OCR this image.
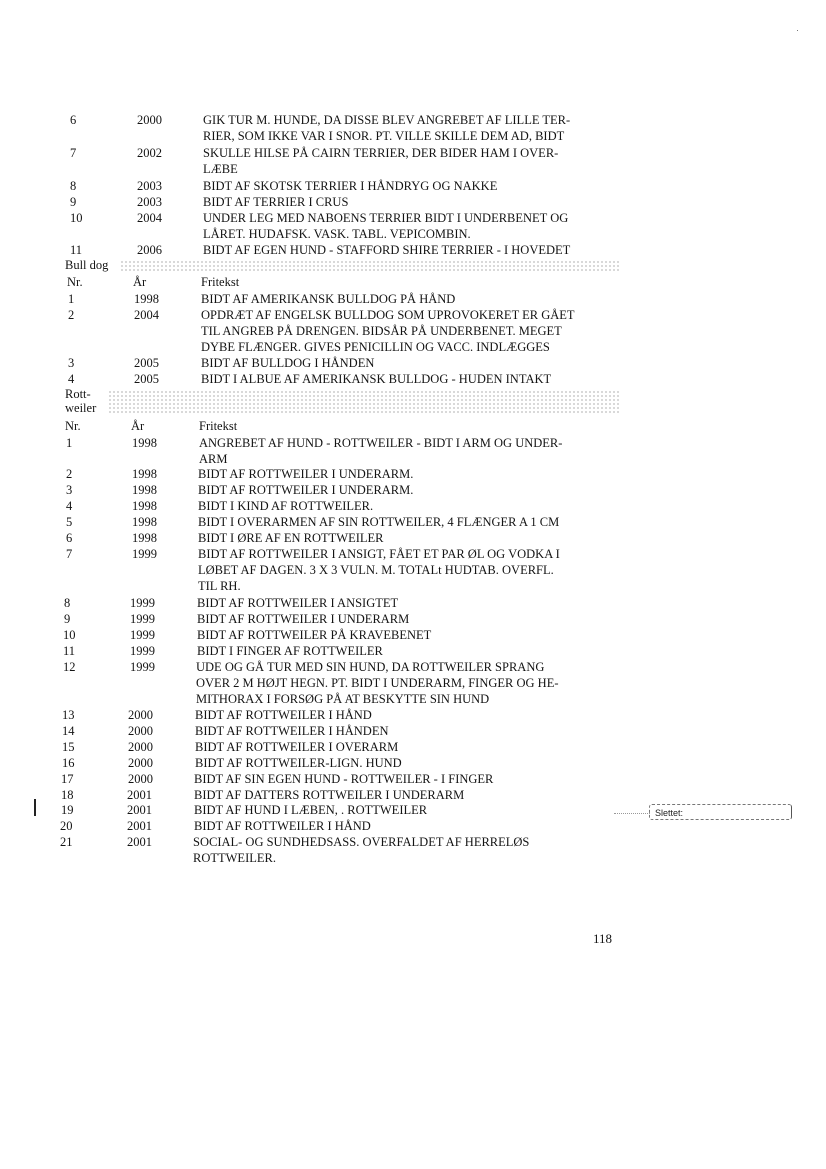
6	2000	GIK TUR M. HUNDE, DA DISSE BLEV ANGREBET AF LILLE TER-
RIER, SOM IKKE VAR I SNOR. PT. VILLE SKILLE DEM AD, BIDT
7	2002	SKULLE HILSE PÅ CAIRN TERRIER, DER BIDER HAM I OVER-
LÆBE
8	2003	BIDT AF SKOTSK TERRIER I HÅNDRYG OG NAKKE
9	2003	BIDT AF TERRIER I CRUS
10	2004	UNDER LEG MED NABOENS TERRIER BIDT I UNDERBENET OG
LÅRET. HUDAFSK. VASK. TABL. VEPICOMBIN.
11	2006	BIDT AF EGEN HUND - STAFFORD SHIRE TERRIER - I HOVEDET
Bull dog
Nr.	År	Fritekst
1	1998	BIDT AF AMERIKANSK BULLDOG PÅ HÅND
2	2004	OPDRÆT AF ENGELSK BULLDOG SOM UPROVOKERET ER GÅET
TIL ANGREB PÅ DRENGEN. BIDSÅR PÅ UNDERBENET. MEGET
DYBE FLÆNGER. GIVES PENICILLIN OG VACC. INDLÆGGES
3	2005	BIDT AF BULLDOG I HÅNDEN
4	2005	BIDT I ALBUE AF AMERIKANSK BULLDOG - HUDEN INTAKT
Rott-
weiler
Nr.	År	Fritekst
1	1998	ANGREBET AF HUND - ROTTWEILER - BIDT I ARM OG UNDER-
ARM
2	1998	BIDT AF ROTTWEILER I UNDERARM.
3	1998	BIDT AF ROTTWEILER I UNDERARM.
4	1998	BIDT I KIND AF ROTTWEILER.
5	1998	BIDT I OVERARMEN AF SIN ROTTWEILER, 4 FLÆNGER A 1 CM
6	1998	BIDT I ØRE AF EN ROTTWEILER
7	1999	BIDT AF ROTTWEILER I ANSIGT, FÅET ET PAR ØL OG VODKA I
LØBET AF DAGEN. 3 X 3 VULN. M. TOTALt HUDTAB. OVERFL.
TIL RH.
8	1999	BIDT AF ROTTWEILER I ANSIGTET
9	1999	BIDT AF ROTTWEILER I UNDERARM
10	1999	BIDT AF ROTTWEILER PÅ KRAVEBENET
11	1999	BIDT I FINGER AF ROTTWEILER
12	1999	UDE OG GÅ TUR MED SIN HUND, DA ROTTWEILER SPRANG
OVER 2 M HØJT HEGN. PT. BIDT I UNDERARM, FINGER OG HE-
MITHORAX I FORSØG PÅ AT BESKYTTE SIN HUND
13	2000	BIDT AF ROTTWEILER I HÅND
14	2000	BIDT AF ROTTWEILER I HÅNDEN
15	2000	BIDT AF ROTTWEILER I OVERARM
16	2000	BIDT AF ROTTWEILER-LIGN. HUND
17	2000	BIDT AF SIN EGEN HUND - ROTTWEILER - I FINGER
18	2001	BIDT AF DATTERS ROTTWEILER I UNDERARM
19	2001	BIDT AF HUND I LÆBEN, . ROTTWEILER
20	2001	BIDT AF ROTTWEILER I HÅND
21	2001	SOCIAL- OG SUNDHEDSASS. OVERFALDET AF HERRELØS
ROTTWEILER.
Slettet:
118
